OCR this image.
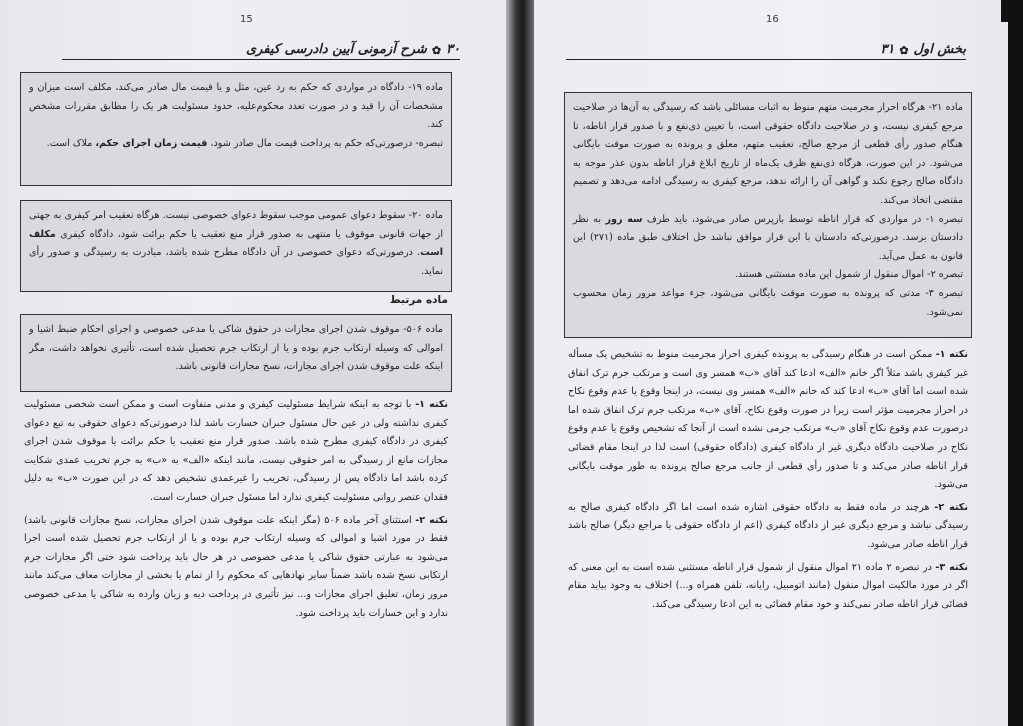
15
۳۰
✿
شرح آزمونی آیین دادرسی کیفری

ماده ۱۹- دادگاه در مواردی که حکم به رد عین، مثل و یا قیمت مال صادر می‌کند، مکلف است میزان و مشخصات آن را قید و در صورت تعدد محکوم‌علیه، حدود مسئولیت هر یک را مطابق مقررات مشخص کند.

تبصره- درصورتی‌که حکم به پرداخت قیمت مال صادر شود، قیمت زمان اجرای حکم، ملاک است.

ماده ۲۰- سقوط دعوای عمومی موجب سقوط دعوای خصوصی نیست. هرگاه تعقیب امر کیفری به جهتی از جهات قانونی موقوف یا منتهی به صدور قرار منع تعقیب یا حکم برائت شود، دادگاه کیفری مکلف است. درصورتی‌که دعوای خصوصی در آن دادگاه مطرح شده باشد، مبادرت به رسیدگی و صدور رأی نماید.

ماده مرتبط

ماده ۵۰۶- موقوف شدن اجرای مجازات در حقوق شاکی یا مدعی خصوصی و اجرای احکام ضبط اشیا و اموالی که وسیله ارتکاب جرم بوده و یا از ارتکاب جرم تحصیل شده است، تأثیری نخواهد داشت، مگر اینکه علت موقوف شدن اجرای مجازات، نسخ مجازات قانونی باشد.

نکته ۱- با توجه به اینکه شرایط مسئولیت کیفری و مدنی متفاوت است و ممکن است شخصی مسئولیت کیفری نداشته ولی در عین حال مسئول جبران خسارت باشد لذا درصورتی‌که دعوای حقوقی به تبع دعوای کیفری در دادگاه کیفری مطرح شده باشد. صدور قرار منع تعقیب یا حکم برائت یا موقوف شدن اجرای مجازات مانع از رسیدگی به امر حقوقی نیست، مانند اینکه «الف» به «ب» به جرم تخریب عمدی شکایت کرده باشد اما دادگاه پس از رسیدگی، تخریب را غیرعمدی تشخیص دهد که در این صورت «ب» به دلیل فقدان عنصر روانی مسئولیت کیفری ندارد اما مسئول جبران خسارت است.

نکته ۲- استثنای آخر ماده ۵۰۶ (مگر اینکه علت موقوف شدن اجرای مجازات، نسخ مجازات قانونی باشد) فقط در مورد اشیا و اموالی که وسیله ارتکاب جرم بوده و یا از ارتکاب جرم تحصیل شده است اجرا می‌شود به عبارتی حقوق شاکی یا مدعی خصوصی در هر حال باید پرداخت شود حتی اگر مجازات جرم ارتکابی نسخ شده باشد ضمناً سایر نهادهایی که محکوم را از تمام یا بخشی از مجازات معاف می‌کند مانند مرور زمان، تعلیق اجرای مجازات و... نیز تأثیری در پرداخت دیه و زیان وارده به شاکی یا مدعی خصوصی ندارد و این خسارات باید پرداخت شود.

16
بخش اول
✿
۳۱

ماده ۲۱- هرگاه احراز مجرمیت متهم منوط به اثبات مسائلی باشد که رسیدگی به آن‌ها در صلاحیت مرجع کیفری نیست، و در صلاحیت دادگاه حقوقی است، با تعیین ذی‌نفع و با صدور قرار اناطه، تا هنگام صدور رأی قطعی از مرجع صالح، تعقیب متهم، معلق و پرونده به صورت موقت بایگانی می‌شود. در این صورت، هرگاه ذی‌نفع ظرف یک‌ماه از تاریخ ابلاغ قرار اناطه بدون عذر موجه به دادگاه صالح رجوع نکند و گواهی آن را ارائه ندهد، مرجع کیفری به رسیدگی ادامه می‌دهد و تصمیم مقتضی اتخاذ می‌کند.

تبصره ۱- در مواردی که قرار اناطه توسط بازپرس صادر می‌شود، باید طرف سه روز به نظر دادستان برسد. درصورتی‌که دادستان با این قرار موافق نباشد حل اختلاف طبق ماده (۲۷۱) این قانون به عمل می‌آید.

تبصره ۲- اموال منقول از شمول این ماده مستثنی هستند.

تبصره ۳- مدتی که پرونده به صورت موقت بایگانی می‌شود، جزء مواعد مرور زمان محسوب نمی‌شود.

نکته ۱- ممکن است در هنگام رسیدگی به پرونده کیفری احراز مجرمیت منوط به تشخیص یک مسأله غیر کیفری باشد مثلاً اگر خانم «الف» ادعا کند آقای «ب» همسر وی است و مرتکب جرم ترک انفاق شده است اما آقای «ب» ادعا کند که خانم «الف» همسر وی نیست، در اینجا وقوع یا عدم وقوع نکاح در احراز مجرمیت مؤثر است زیرا در صورت وقوع نکاح، آقای «ب» مرتکب جرم ترک انفاق شده اما درصورت عدم وقوع نکاح آقای «ب» مرتکب جرمی نشده است از آنجا که تشخیص وقوع یا عدم وقوع نکاح در صلاحیت دادگاه دیگری غیر از دادگاه کیفری (دادگاه حقوقی) است لذا در اینجا مقام قضائی قرار اناطه صادر می‌کند و تا صدور رأی قطعی از جانب مرجع صالح پرونده به طور موقت بایگانی می‌شود.

نکته ۲- هرچند در ماده فقط به دادگاه حقوقی اشاره شده است اما اگر دادگاه کیفری صالح به رسیدگی نباشد و مرجع دیگری غیر از دادگاه کیفری (اعم از دادگاه حقوقی یا مراجع دیگر) صالح باشد قرار اناطه صادر می‌شود.

نکته ۳- در تبصره ۲ ماده ۲۱ اموال منقول از شمول قرار اناطه مستثنی شده است به این معنی که اگر در مورد مالکیت اموال منقول (مانند اتومبیل، رایانه، تلفن همراه و...) اختلاف به وجود بیاید مقام قضائی قرار اناطه صادر نمی‌کند و خود مقام قضائی به این ادعا رسیدگی می‌کند.
